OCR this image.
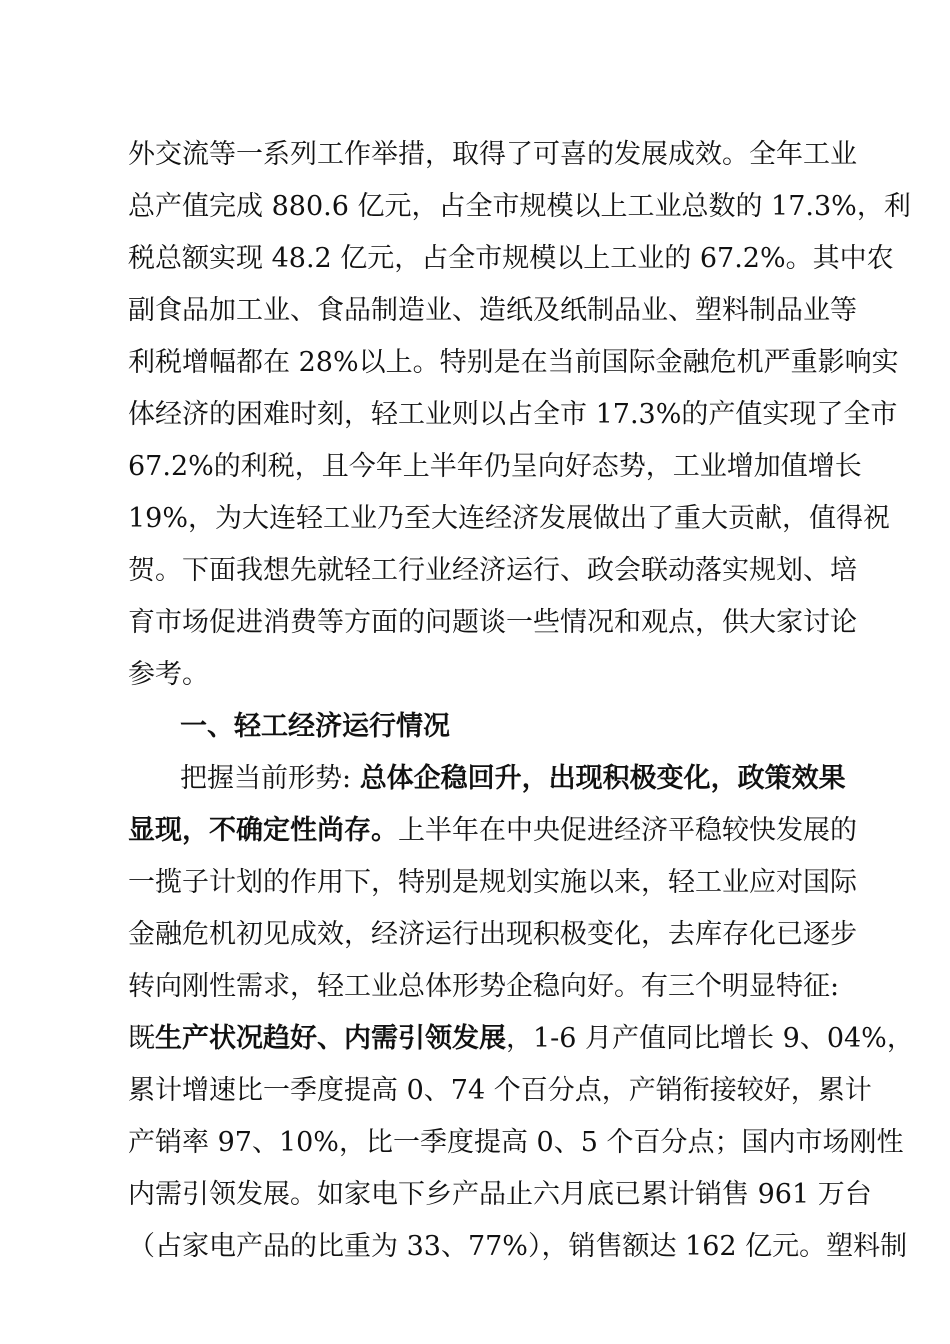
外交流等一系列工作举措，取得了可喜的发展成效。全年工业
总产值完成 880.6 亿元，占全市规模以上工业总数的 17.3%，利
税总额实现 48.2 亿元，占全市规模以上工业的 67.2%。其中农
副食品加工业、食品制造业、造纸及纸制品业、塑料制品业等
利税增幅都在 28%以上。特别是在当前国际金融危机严重影响实
体经济的困难时刻，轻工业则以占全市 17.3%的产值实现了全市
67.2%的利税，且今年上半年仍呈向好态势，工业增加值增长
19%，为大连轻工业乃至大连经济发展做出了重大贡献，值得祝
贺。下面我想先就轻工行业经济运行、政会联动落实规划、培
育市场促进消费等方面的问题谈一些情况和观点，供大家讨论
参考。
一、轻工经济运行情况
把握当前形势: 总体企稳回升，出现积极变化，政策效果
显现，不确定性尚存。上半年在中央促进经济平稳较快发展的
一揽子计划的作用下，特别是规划实施以来，轻工业应对国际
金融危机初见成效，经济运行出现积极变化，去库存化已逐步
转向刚性需求，轻工业总体形势企稳向好。有三个明显特征:
既生产状况趋好、内需引领发展，1-6 月产值同比增长 9、04%，
累计增速比一季度提高 0、74 个百分点，产销衔接较好，累计
产销率 97、10%，比一季度提高 0、5 个百分点；国内市场刚性
内需引领发展。如家电下乡产品止六月底已累计销售 961 万台
（占家电产品的比重为 33、77%），销售额达 162 亿元。塑料制
